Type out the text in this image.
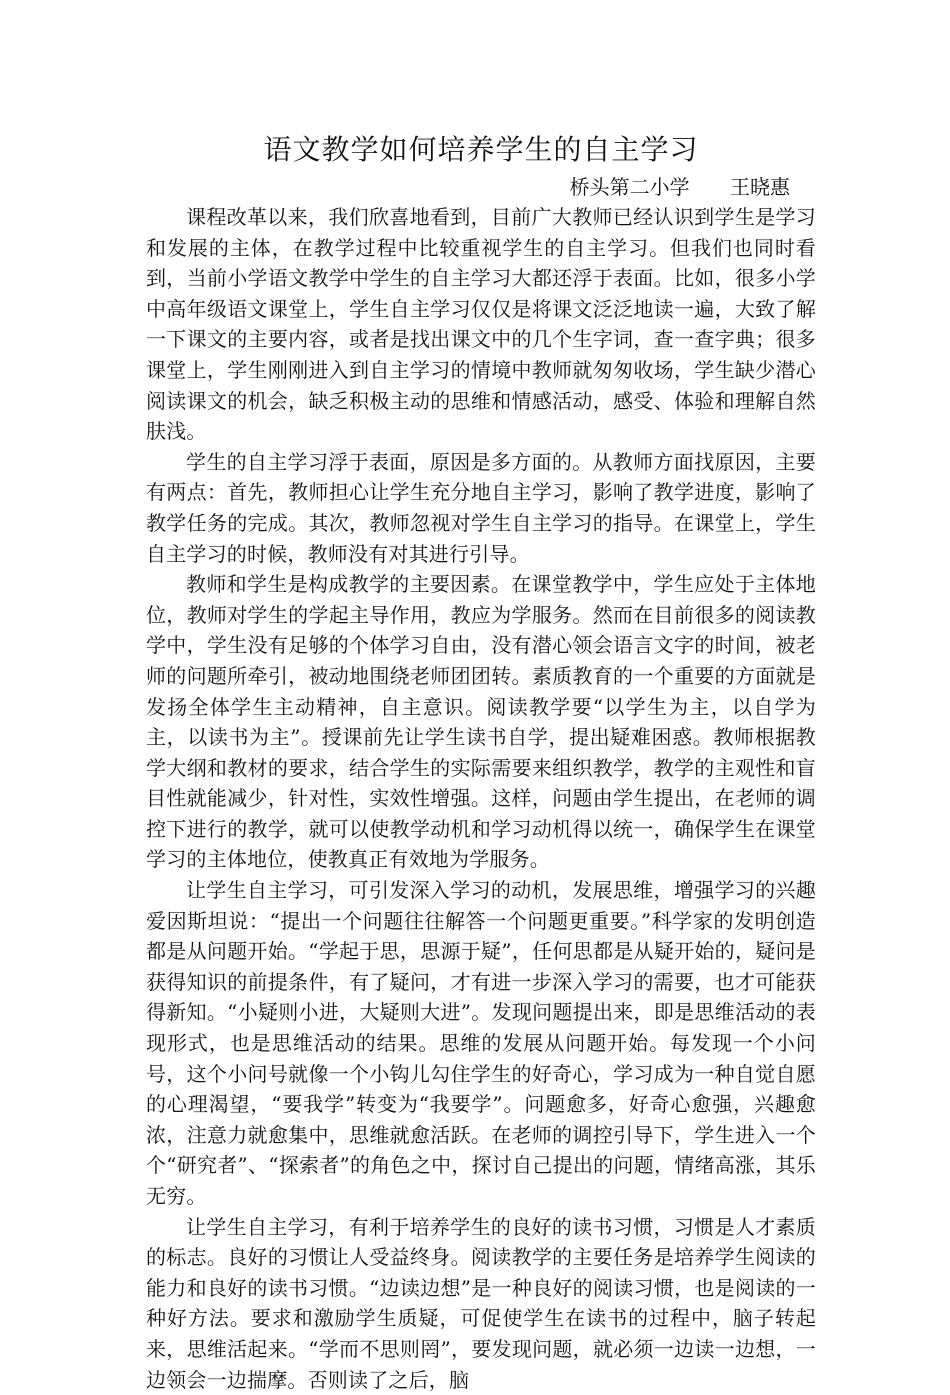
语文教学如何培养学生的自主学习
桥头第二小学 王晓惠

课程改革以来，我们欣喜地看到，目前广大教师已经认识到学生是学习和发展的主体，在教学过程中比较重视学生的自主学习。但我们也同时看到，当前小学语文教学中学生的自主学习大都还浮于表面。比如，很多小学中高年级语文课堂上，学生自主学习仅仅是将课文泛泛地读一遍，大致了解一下课文的主要内容，或者是找出课文中的几个生字词，查一查字典；很多课堂上，学生刚刚进入到自主学习的情境中教师就匆匆收场，学生缺少潜心阅读课文的机会，缺乏积极主动的思维和情感活动，感受、体验和理解自然肤浅。

学生的自主学习浮于表面，原因是多方面的。从教师方面找原因，主要有两点：首先，教师担心让学生充分地自主学习，影响了教学进度，影响了教学任务的完成。其次，教师忽视对学生自主学习的指导。在课堂上，学生自主学习的时候，教师没有对其进行引导。

教师和学生是构成教学的主要因素。在课堂教学中，学生应处于主体地位，教师对学生的学起主导作用，教应为学服务。然而在目前很多的阅读教学中，学生没有足够的个体学习自由，没有潜心领会语言文字的时间，被老师的问题所牵引，被动地围绕老师团团转。素质教育的一个重要的方面就是发扬全体学生主动精神，自主意识。阅读教学要“以学生为主，以自学为主，以读书为主”。授课前先让学生读书自学，提出疑难困惑。教师根据教学大纲和教材的要求，结合学生的实际需要来组织教学，教学的主观性和盲目性就能减少，针对性，实效性增强。这样，问题由学生提出，在老师的调控下进行的教学，就可以使教学动机和学习动机得以统一，确保学生在课堂学习的主体地位，使教真正有效地为学服务。

让学生自主学习，可引发深入学习的动机，发展思维，增强学习的兴趣 爱因斯坦说：“提出一个问题往往解答一个问题更重要。”科学家的发明创造都是从问题开始。“学起于思，思源于疑”，任何思都是从疑开始的，疑问是获得知识的前提条件，有了疑问，才有进一步深入学习的需要，也才可能获得新知。“小疑则小进，大疑则大进”。发现问题提出来，即是思维活动的表现形式，也是思维活动的结果。思维的发展从问题开始。每发现一个小问号，这个小问号就像一个小钩儿勾住学生的好奇心，学习成为一种自觉自愿的心理渴望，“要我学”转变为“我要学”。问题愈多，好奇心愈强，兴趣愈浓，注意力就愈集中，思维就愈活跃。在老师的调控引导下，学生进入一个个“研究者”、“探索者”的角色之中，探讨自己提出的问题，情绪高涨，其乐无穷。

让学生自主学习，有利于培养学生的良好的读书习惯，习惯是人才素质的标志。良好的习惯让人受益终身。阅读教学的主要任务是培养学生阅读的能力和良好的读书习惯。“边读边想”是一种良好的阅读习惯，也是阅读的一种好方法。要求和激励学生质疑，可促使学生在读书的过程中，脑子转起来，思维活起来。“学而不思则罔”，要发现问题，就必须一边读一边想，一边领会一边揣摩。否则读了之后，脑
